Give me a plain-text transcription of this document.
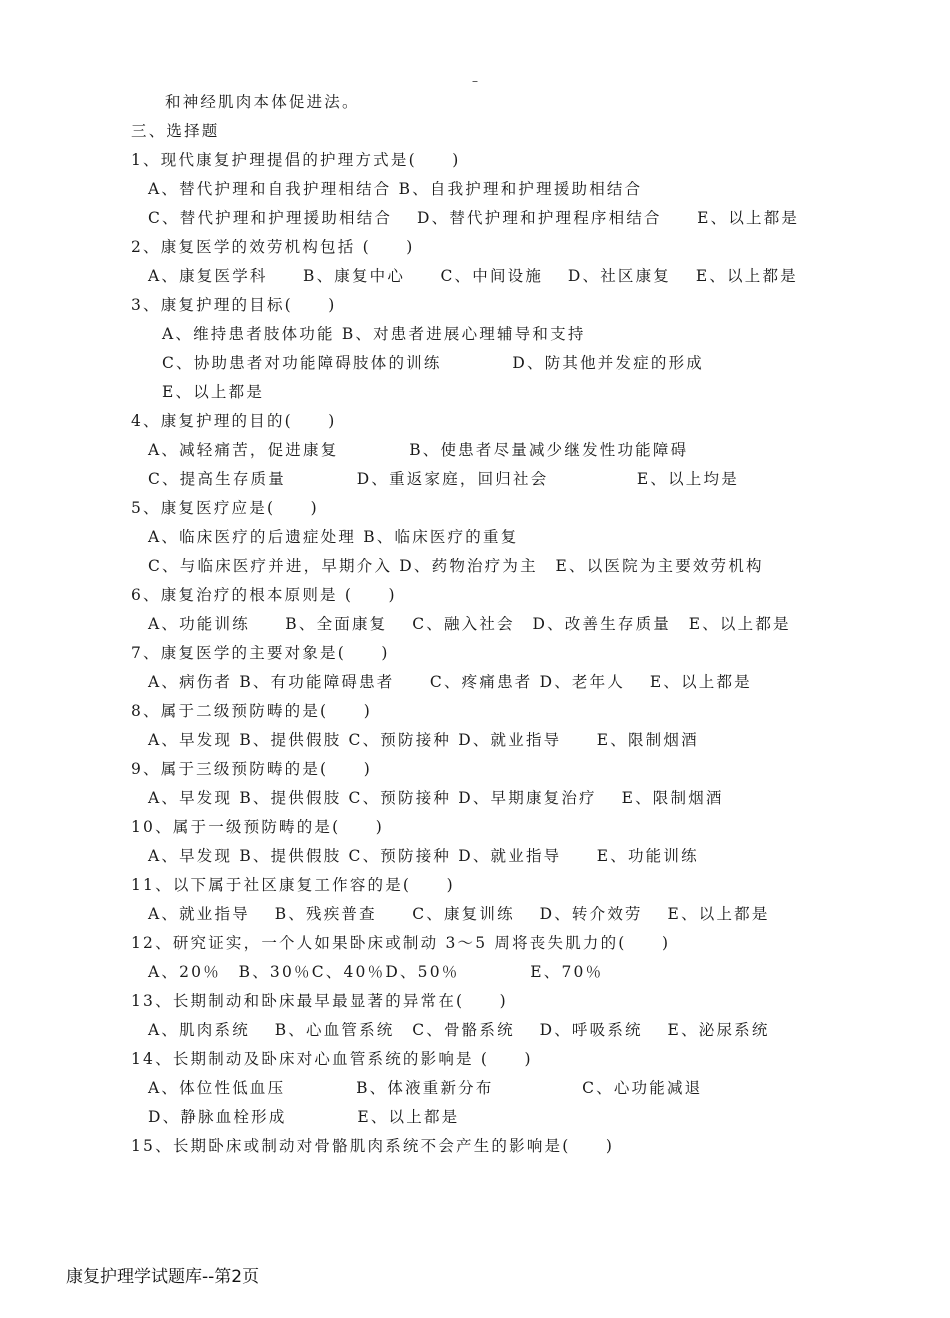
–
和神经肌肉本体促进法。
三、选择题
1、现代康复护理提倡的护理方式是(　　)
A、替代护理和自我护理相结合 B、自我护理和护理援助相结合
C、替代护理和护理援助相结合　 D、替代护理和护理程序相结合　　E、以上都是
2、康复医学的效劳机构包括 (　　)
A、康复医学科　　B、康复中心　　C、中间设施　 D、社区康复　 E、以上都是
3、康复护理的目标(　　)
A、维持患者肢体功能 B、对患者进展心理辅导和支持
C、协助患者对功能障碍肢体的训练　　　　D、防其他并发症的形成
E、以上都是
4、康复护理的目的(　　)
A、减轻痛苦，促进康复　　　　B、使患者尽量减少继发性功能障碍
C、提高生存质量　　　　D、重返家庭，回归社会　　　　　E、以上均是
5、康复医疗应是(　　)
A、临床医疗的后遗症处理 B、临床医疗的重复
C、与临床医疗并进，早期介入 D、药物治疗为主　E、以医院为主要效劳机构
6、康复治疗的根本原则是 (　　)
A、功能训练　　B、全面康复　 C、融入社会　D、改善生存质量　E、以上都是
7、康复医学的主要对象是(　　)
A、病伤者 B、有功能障碍患者　　C、疼痛患者 D、老年人　 E、以上都是
8、属于二级预防畴的是(　　)
A、早发现 B、提供假肢 C、预防接种 D、就业指导　　E、限制烟酒
9、属于三级预防畴的是(　　)
A、早发现 B、提供假肢 C、预防接种 D、早期康复治疗　 E、限制烟酒
10、属于一级预防畴的是(　　)
A、早发现 B、提供假肢 C、预防接种 D、就业指导　　E、功能训练
11、以下属于社区康复工作容的是(　　)
A、就业指导　 B、残疾普查　　C、康复训练　 D、转介效劳　 E、以上都是
12、研究证实，一个人如果卧床或制动 3～5 周将丧失肌力的(　　)
A、20％　B、30％C、40％D、50％　　　　E、70％
13、长期制动和卧床最早最显著的异常在(　　)
A、肌肉系统　 B、心血管系统　C、骨骼系统　 D、呼吸系统　 E、泌尿系统
14、长期制动及卧床对心血管系统的影响是 (　　)
A、体位性低血压　　　　B、体液重新分布　　　　　C、心功能减退
D、静脉血栓形成　　　　E、以上都是
15、长期卧床或制动对骨骼肌肉系统不会产生的影响是(　　)
康复护理学试题库--第2页
